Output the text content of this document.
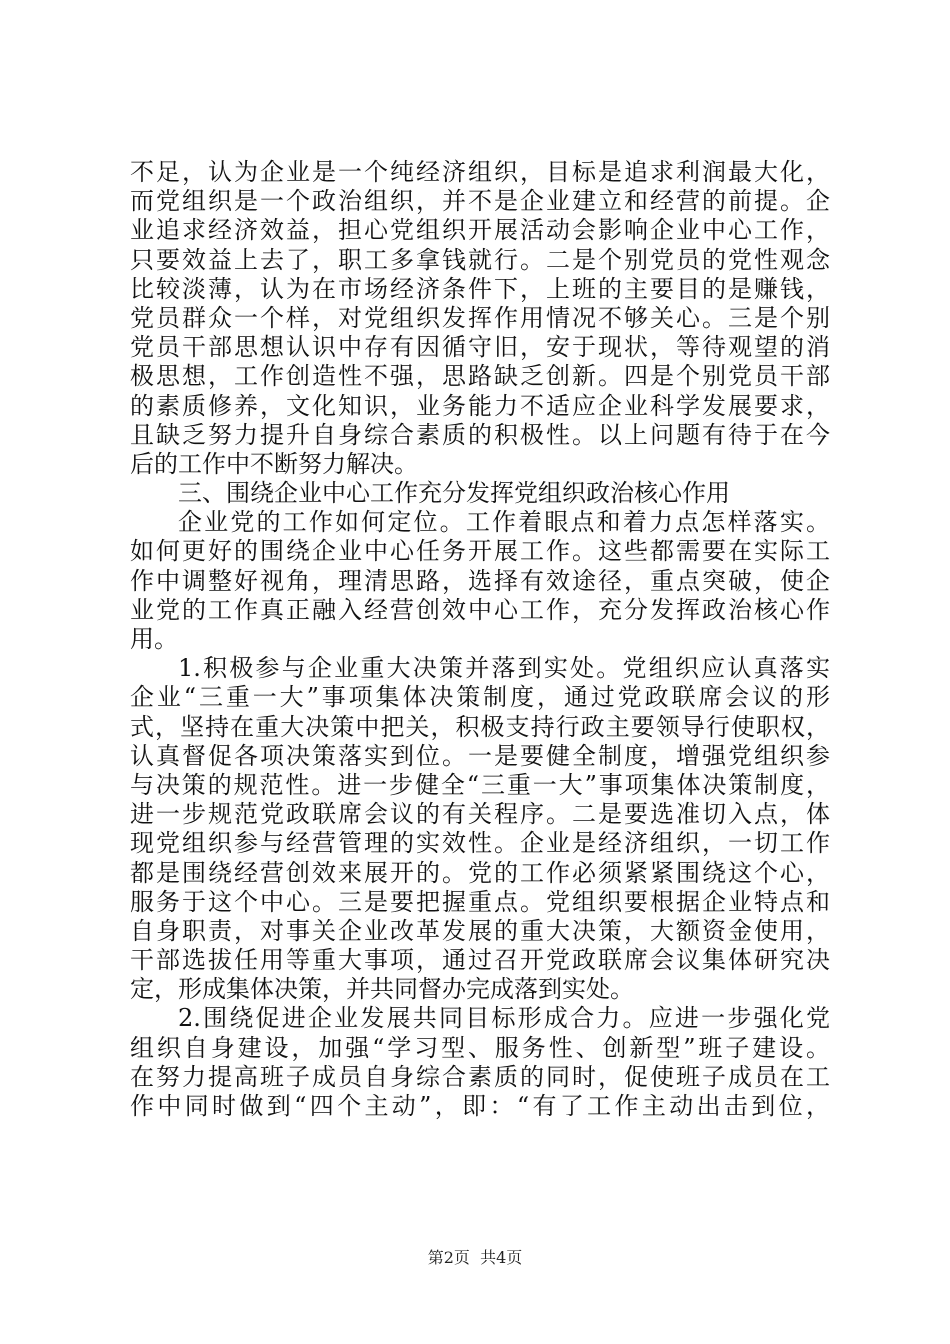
不足，认为企业是一个纯经济组织，目标是追求利润最大化，
而党组织是一个政治组织，并不是企业建立和经营的前提。企
业追求经济效益，担心党组织开展活动会影响企业中心工作，
只要效益上去了，职工多拿钱就行。二是个别党员的党性观念
比较淡薄，认为在市场经济条件下，上班的主要目的是赚钱，
党员群众一个样，对党组织发挥作用情况不够关心。三是个别
党员干部思想认识中存有因循守旧，安于现状，等待观望的消
极思想，工作创造性不强，思路缺乏创新。四是个别党员干部
的素质修养，文化知识，业务能力不适应企业科学发展要求，
且缺乏努力提升自身综合素质的积极性。以上问题有待于在今
后的工作中不断努力解决。
三、围绕企业中心工作充分发挥党组织政治核心作用
企业党的工作如何定位。工作着眼点和着力点怎样落实。
如何更好的围绕企业中心任务开展工作。这些都需要在实际工
作中调整好视角，理清思路，选择有效途径，重点突破，使企
业党的工作真正融入经营创效中心工作，充分发挥政治核心作
用。
1.积极参与企业重大决策并落到实处。党组织应认真落实
企业“三重一大”事项集体决策制度，通过党政联席会议的形
式，坚持在重大决策中把关，积极支持行政主要领导行使职权，
认真督促各项决策落实到位。一是要健全制度，增强党组织参
与决策的规范性。进一步健全“三重一大”事项集体决策制度，
进一步规范党政联席会议的有关程序。二是要选准切入点，体
现党组织参与经营管理的实效性。企业是经济组织，一切工作
都是围绕经营创效来展开的。党的工作必须紧紧围绕这个心，
服务于这个中心。三是要把握重点。党组织要根据企业特点和
自身职责，对事关企业改革发展的重大决策，大额资金使用，
干部选拔任用等重大事项，通过召开党政联席会议集体研究决
定，形成集体决策，并共同督办完成落到实处。
2.围绕促进企业发展共同目标形成合力。应进一步强化党
组织自身建设，加强“学习型、服务性、创新型”班子建设。
在努力提高班子成员自身综合素质的同时，促使班子成员在工
作中同时做到“四个主动”，即：“有了工作主动出击到位，
第2页  共4页
